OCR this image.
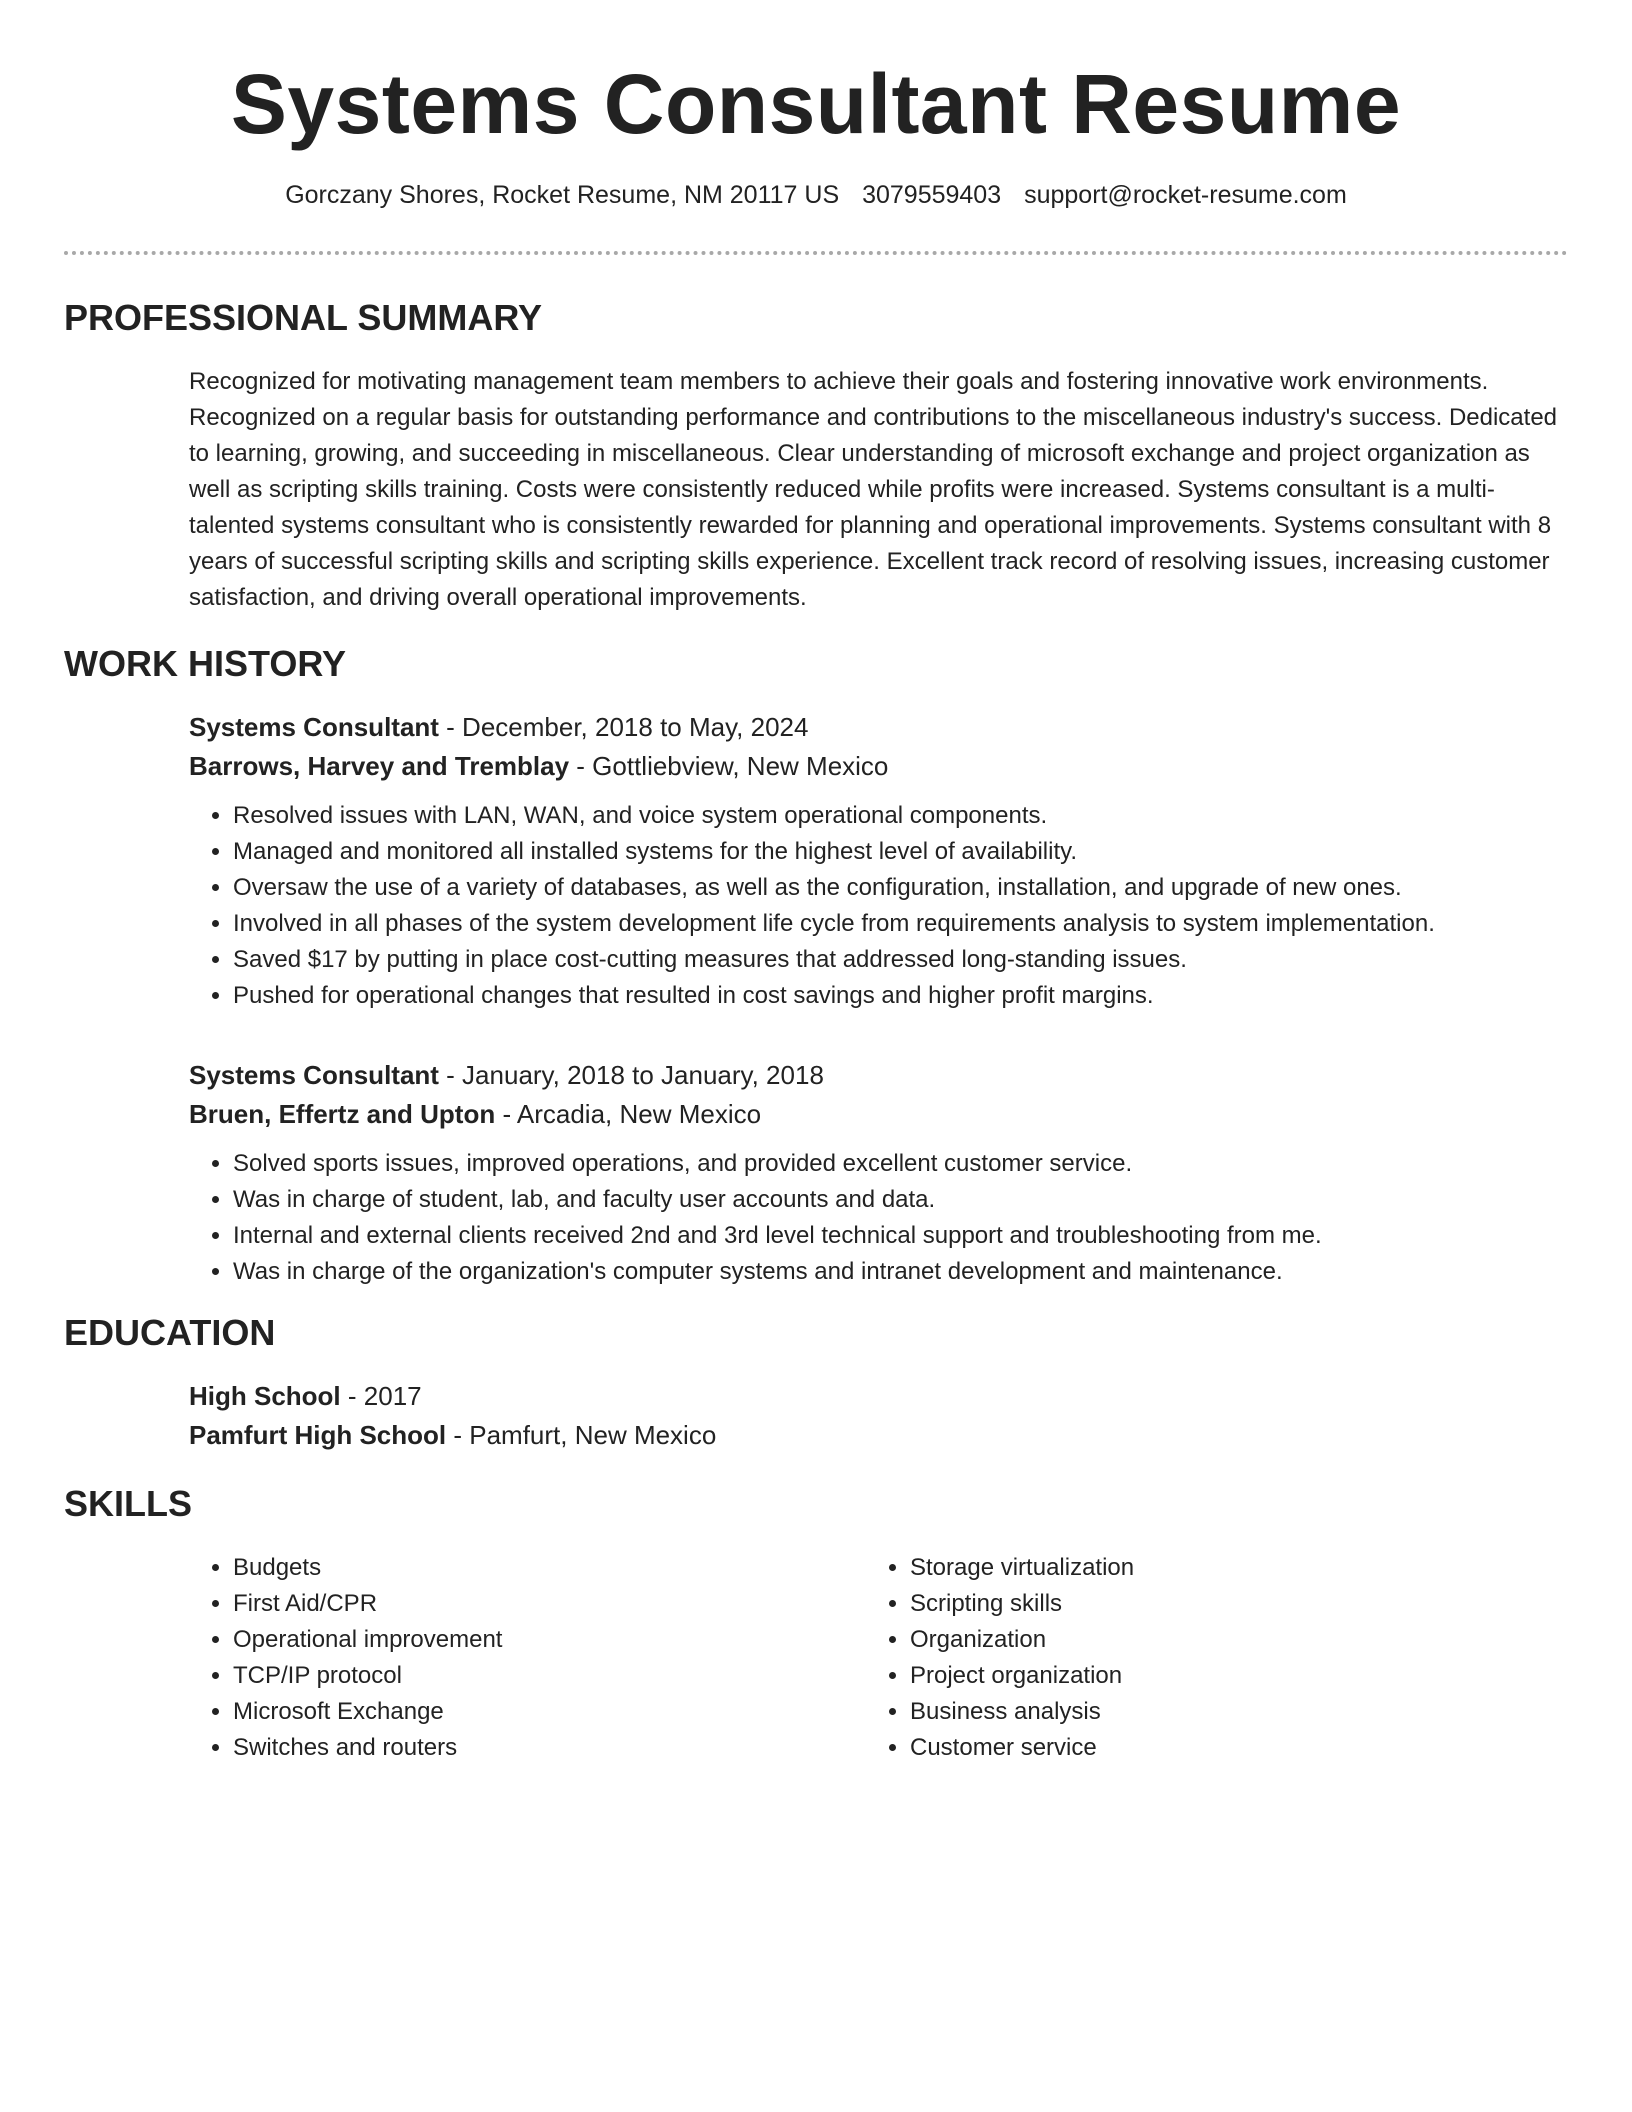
Systems Consultant Resume
Gorczany Shores, Rocket Resume, NM 20117 US 3079559403 support@rocket-resume.com
PROFESSIONAL SUMMARY
Recognized for motivating management team members to achieve their goals and fostering innovative work environments. Recognized on a regular basis for outstanding performance and contributions to the miscellaneous industry's success. Dedicated to learning, growing, and succeeding in miscellaneous. Clear understanding of microsoft exchange and project organization as well as scripting skills training. Costs were consistently reduced while profits were increased. Systems consultant is a multi-talented systems consultant who is consistently rewarded for planning and operational improvements. Systems consultant with 8 years of successful scripting skills and scripting skills experience. Excellent track record of resolving issues, increasing customer satisfaction, and driving overall operational improvements.
WORK HISTORY
Systems Consultant - December, 2018 to May, 2024
Barrows, Harvey and Tremblay - Gottliebview, New Mexico
• Resolved issues with LAN, WAN, and voice system operational components.
• Managed and monitored all installed systems for the highest level of availability.
• Oversaw the use of a variety of databases, as well as the configuration, installation, and upgrade of new ones.
• Involved in all phases of the system development life cycle from requirements analysis to system implementation.
• Saved $17 by putting in place cost-cutting measures that addressed long-standing issues.
• Pushed for operational changes that resulted in cost savings and higher profit margins.
Systems Consultant - January, 2018 to January, 2018
Bruen, Effertz and Upton - Arcadia, New Mexico
• Solved sports issues, improved operations, and provided excellent customer service.
• Was in charge of student, lab, and faculty user accounts and data.
• Internal and external clients received 2nd and 3rd level technical support and troubleshooting from me.
• Was in charge of the organization's computer systems and intranet development and maintenance.
EDUCATION
High School - 2017
Pamfurt High School - Pamfurt, New Mexico
SKILLS
• Budgets
• First Aid/CPR
• Operational improvement
• TCP/IP protocol
• Microsoft Exchange
• Switches and routers
• Storage virtualization
• Scripting skills
• Organization
• Project organization
• Business analysis
• Customer service
